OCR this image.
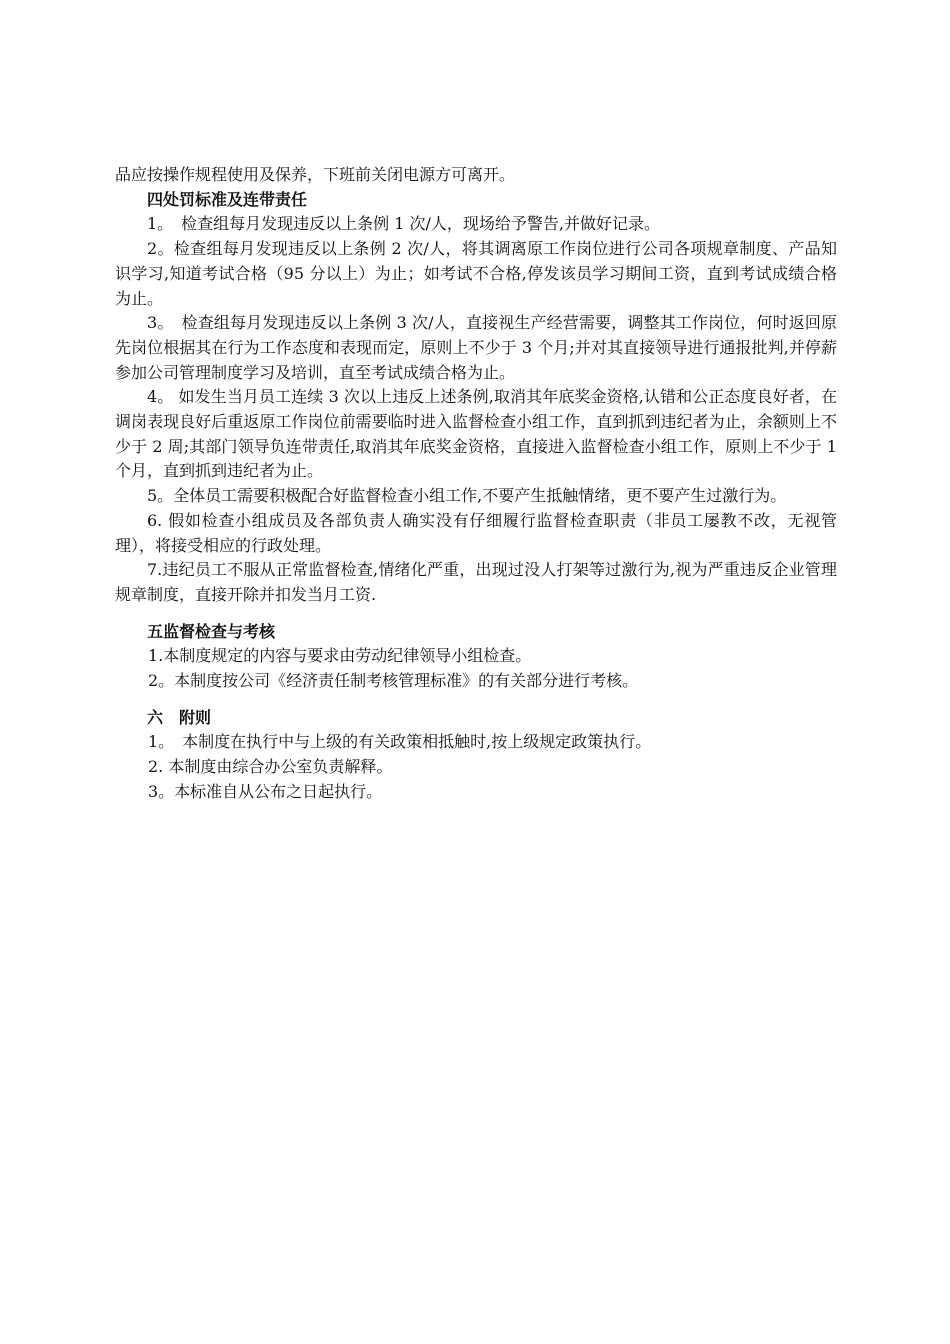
品应按操作规程使用及保养，下班前关闭电源方可离开。

四处罚标准及连带责任

1。　检查组每月发现违反以上条例 1 次/人，现场给予警告,并做好记录。

2。检查组每月发现违反以上条例 2 次/人，将其调离原工作岗位进行公司各项规章制度、产品知识学习,知道考试合格（95 分以上）为止；如考试不合格,停发该员学习期间工资，直到考试成绩合格为止。

3。　检查组每月发现违反以上条例 3 次/人，直接视生产经营需要，调整其工作岗位，何时返回原先岗位根据其在行为工作态度和表现而定，原则上不少于 3 个月;并对其直接领导进行通报批判,并停薪参加公司管理制度学习及培训，直至考试成绩合格为止。

4。 如发生当月员工连续 3 次以上违反上述条例,取消其年底奖金资格,认错和公正态度良好者，在调岗表现良好后重返原工作岗位前需要临时进入监督检查小组工作，直到抓到违纪者为止，余额则上不少于 2 周;其部门领导负连带责任,取消其年底奖金资格，直接进入监督检查小组工作，原则上不少于 1 个月，直到抓到违纪者为止。

5。全体员工需要积极配合好监督检查小组工作,不要产生抵触情绪，更不要产生过激行为。

6. 假如检查小组成员及各部负责人确实没有仔细履行监督检查职责（非员工屡教不改，无视管理），将接受相应的行政处理。

7.违纪员工不服从正常监督检查,情绪化严重，出现过没人打架等过激行为,视为严重违反企业管理规章制度，直接开除并扣发当月工资.

五监督检查与考核

1.本制度规定的内容与要求由劳动纪律领导小组检查。

2。本制度按公司《经济责任制考核管理标准》的有关部分进行考核。

六　附则

1。　本制度在执行中与上级的有关政策相抵触时,按上级规定政策执行。

2. 本制度由综合办公室负责解释。

3。本标准自从公布之日起执行。
